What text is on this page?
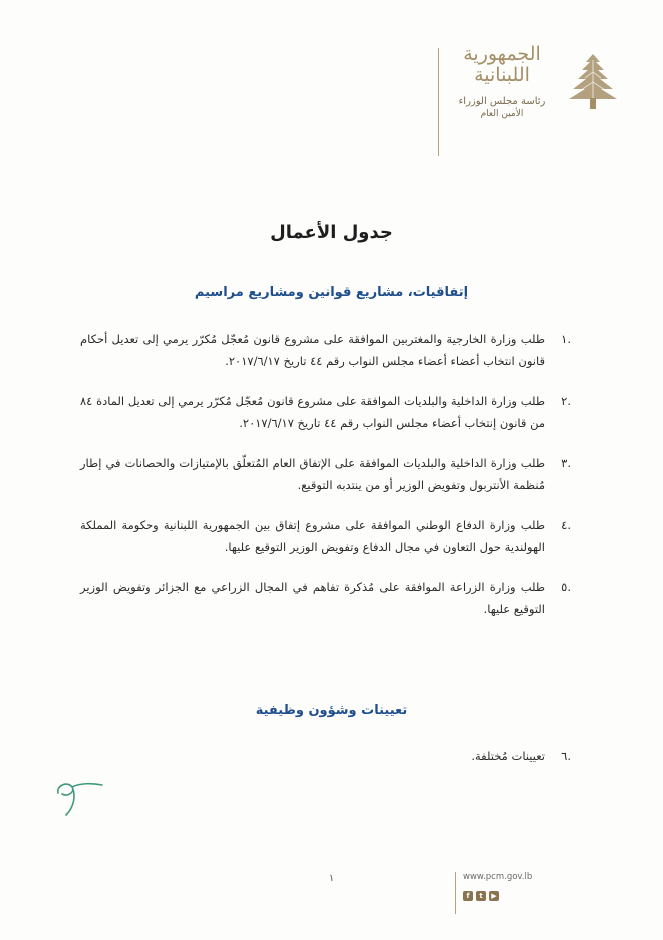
الجمهورية
اللبنانية
رئاسة مجلس الوزراء
الأمين العام
جدول الأعمال
إتفاقيات، مشاريع قوانين ومشاريع مراسيم
.١
طلب وزارة الخارجية والمغتربين الموافقة على مشروع قانون مُعجّل مُكرّر يرمي إلى تعديل أحكام قانون انتخاب أعضاء أعضاء مجلس النواب رقم ٤٤ تاريخ ٢٠١٧/٦/١٧.
.٢
طلب وزارة الداخلية والبلديات الموافقة على مشروع قانون مُعجّل مُكرّر يرمي إلى تعديل المادة ٨٤ من قانون إنتخاب أعضاء مجلس النواب رقم ٤٤ تاريخ ٢٠١٧/٦/١٧.
.٣
طلب وزارة الداخلية والبلديات الموافقة على الإتفاق العام المُتعلّق بالإمتيازات والحصانات في إطار مُنظمة الأنتربول وتفويض الوزير أو من ينتدبه التوقيع.
.٤
طلب وزارة الدفاع الوطني الموافقة على مشروع إتفاق بين الجمهورية اللبنانية وحكومة المملكة الهولندية حول التعاون في مجال الدفاع وتفويض الوزير التوقيع عليها.
.٥
طلب وزارة الزراعة الموافقة على مُذكرة تفاهم في المجال الزراعي مع الجزائر وتفويض الوزير التوقيع عليها.
تعيينات وشؤون وظيفية
.٦
تعيينات مُختلفة.
١	www.pcm.gov.lb
f	t	▶
